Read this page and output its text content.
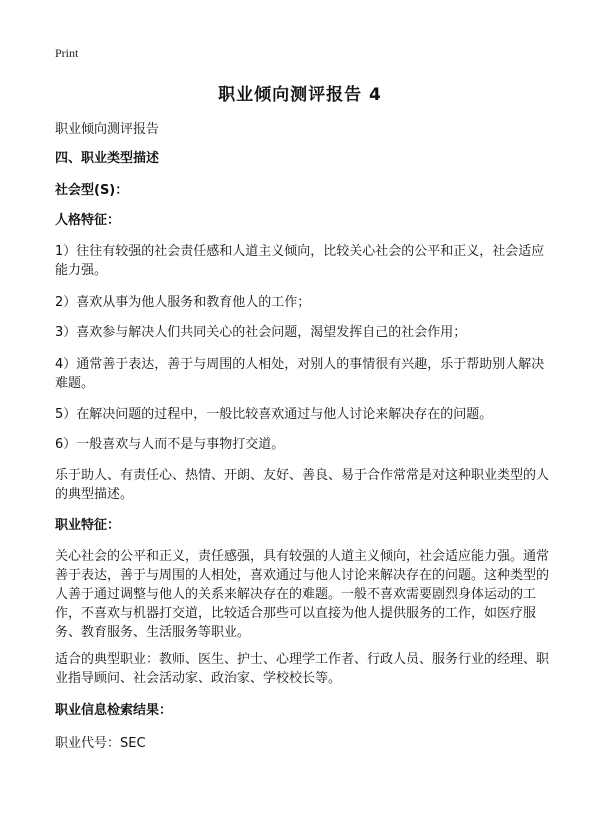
Print
职业倾向测评报告 4

职业倾向测评报告

四、职业类型描述

社会型(S)：

人格特征：

1）往往有较强的社会责任感和人道主义倾向，比较关心社会的公平和正义，社会适应能力强。

2）喜欢从事为他人服务和教育他人的工作；

3）喜欢参与解决人们共同关心的社会问题，渴望发挥自己的社会作用；

4）通常善于表达，善于与周围的人相处，对别人的事情很有兴趣，乐于帮助别人解决难题。

5）在解决问题的过程中，一般比较喜欢通过与他人讨论来解决存在的问题。

6）一般喜欢与人而不是与事物打交道。

乐于助人、有责任心、热情、开朗、友好、善良、易于合作常常是对这种职业类型的人的典型描述。

职业特征：

关心社会的公平和正义，责任感强，具有较强的人道主义倾向，社会适应能力强。通常善于表达，善于与周围的人相处，喜欢通过与他人讨论来解决存在的问题。这种类型的人善于通过调整与他人的关系来解决存在的难题。一般不喜欢需要剧烈身体运动的工作，不喜欢与机器打交道，比较适合那些可以直接为他人提供服务的工作，如医疗服务、教育服务、生活服务等职业。

适合的典型职业：教师、医生、护士、心理学工作者、行政人员、服务行业的经理、职业指导顾问、社会活动家、政治家、学校校长等。

职业信息检索结果：

职业代号：SEC
